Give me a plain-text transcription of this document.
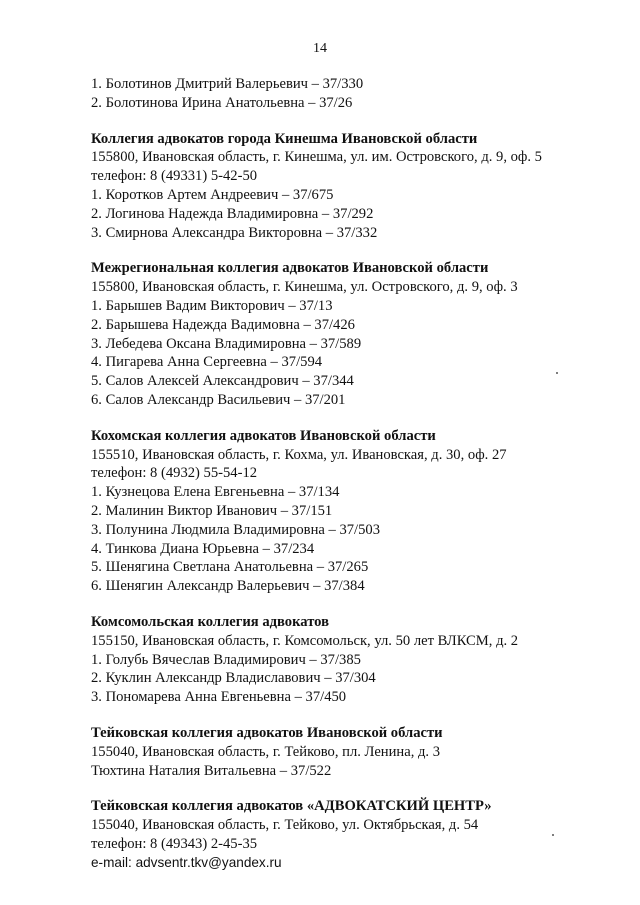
14
1. Болотинов Дмитрий Валерьевич – 37/330
2. Болотинова Ирина Анатольевна – 37/26
Коллегия адвокатов города Кинешма Ивановской области
155800, Ивановская область, г. Кинешма, ул. им. Островского, д. 9, оф. 5
телефон: 8 (49331) 5-42-50
1. Коротков Артем Андреевич – 37/675
2. Логинова Надежда Владимировна – 37/292
3. Смирнова Александра Викторовна – 37/332
Межрегиональная коллегия адвокатов Ивановской области
155800, Ивановская область, г. Кинешма, ул. Островского, д. 9, оф. 3
1. Барышев Вадим Викторович – 37/13
2. Барышева Надежда Вадимовна – 37/426
3. Лебедева Оксана Владимировна – 37/589
4. Пигарева Анна Сергеевна – 37/594
5. Салов Алексей Александрович – 37/344
6. Салов Александр Васильевич – 37/201
Кохомская коллегия адвокатов Ивановской области
155510, Ивановская область, г. Кохма, ул. Ивановская, д. 30, оф. 27
телефон: 8 (4932) 55-54-12
1. Кузнецова Елена Евгеньевна – 37/134
2. Малинин Виктор Иванович – 37/151
3. Полунина Людмила Владимировна – 37/503
4. Тинкова Диана Юрьевна – 37/234
5. Шенягина Светлана Анатольевна – 37/265
6. Шенягин Александр Валерьевич – 37/384
Комсомольская коллегия адвокатов
155150, Ивановская область, г. Комсомольск, ул. 50 лет ВЛКСМ, д. 2
1. Голубь Вячеслав Владимирович – 37/385
2. Куклин Александр Владиславович – 37/304
3. Пономарева Анна Евгеньевна – 37/450
Тейковская коллегия адвокатов Ивановской области
155040, Ивановская область, г. Тейково, пл. Ленина, д. 3
Тюхтина Наталия Витальевна – 37/522
Тейковская коллегия адвокатов «АДВОКАТСКИЙ ЦЕНТР»
155040, Ивановская область, г. Тейково, ул. Октябрьская, д. 54
телефон: 8 (49343) 2-45-35
e-mail: advsentr.tkv@yandex.ru
